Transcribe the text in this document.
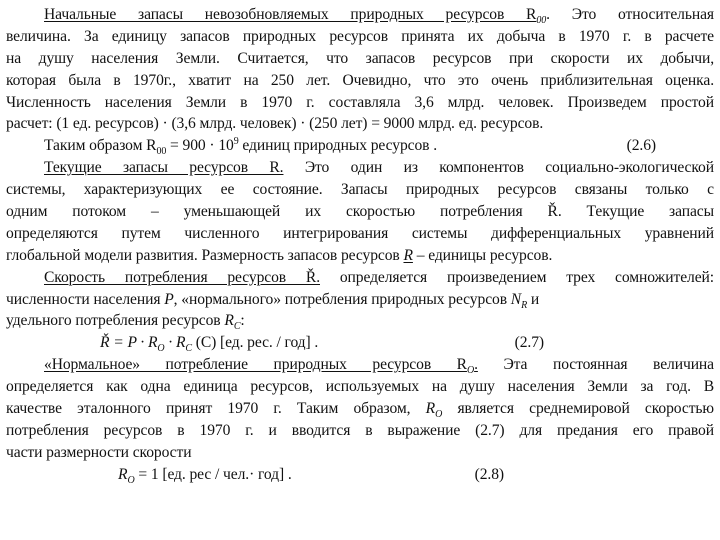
Начальные запасы невозобновляемых природных ресурсов $R_{00}$. Это относительная
величина. За единицу запасов природных ресурсов принята их добыча в 1970 г. в расчете
на душу населения Земли. Считается, что запасов ресурсов при скорости их добычи,
которая была в 1970г., хватит на 250 лет. Очевидно, что это очень приблизительная оценка.
Численность населения Земли в 1970 г. составляла 3,6 млрд. человек. Произведем простой
расчет: (1 ед. ресурсов) · (3,6 млрд. человек) · (250 лет) = 9000 млрд. ед. ресурсов.
Таким образом $R_{00} = 900 \cdot 10^9$ единиц природных ресурсов .	(2.6)
Текущие запасы ресурсов R. Это один из компонентов социально-экологической
системы, характеризующих ее состояние. Запасы природных ресурсов связаны только с
одним потоком – уменьшающей их скоростью потребления Ř. Текущие запасы
определяются путем численного интегрирования системы дифференциальных уравнений
глобальной модели развития. Размерность запасов ресурсов R – единицы ресурсов.
Скорость потребления ресурсов Ř. определяется произведением трех сомножителей:
численности населения P, «нормального» потребления природных ресурсов $N_R$ и
удельного потребления ресурсов $R_C$:
Ř = $P \cdot R_O \cdot R_C$ (C) [ед. рес. / год] .	(2.7)
«Нормальное» потребление природных ресурсов $R_O$. Эта постоянная величина
определяется как одна единица ресурсов, используемых на душу населения Земли за год. В
качестве эталонного принят 1970 г. Таким образом, $R_O$ является среднемировой скоростью
потребления ресурсов в 1970 г. и вводится в выражение (2.7) для предания его правой
части размерности скорости
$R_O = 1$ [ед. рес / чел.· год] .	(2.8)
